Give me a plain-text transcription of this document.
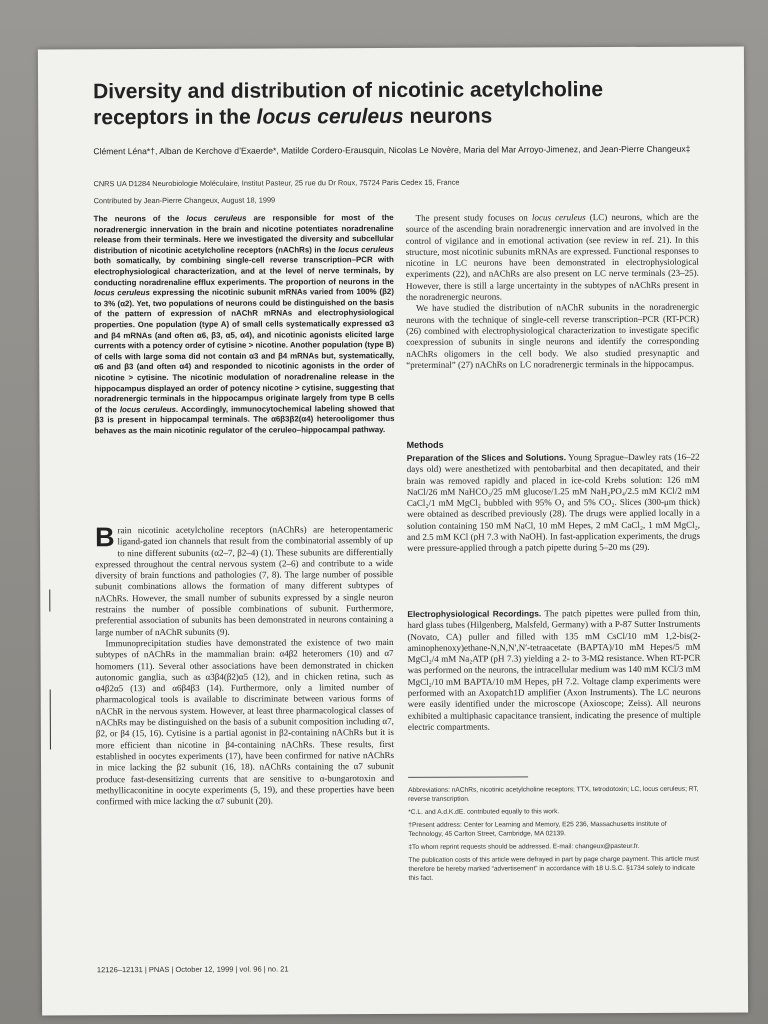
Diversity and distribution of nicotinic acetylcholine receptors in the locus ceruleus neurons
Clément Léna*†, Alban de Kerchove d’Exaerde*, Matilde Cordero-Erausquin, Nicolas Le Novère, Maria del Mar Arroyo-Jimenez, and Jean-Pierre Changeux‡
CNRS UA D1284 Neurobiologie Moléculaire, Institut Pasteur, 25 rue du Dr Roux, 75724 Paris Cedex 15, France
Contributed by Jean-Pierre Changeux, August 18, 1999
The neurons of the locus ceruleus are responsible for most of the noradrenergic innervation in the brain and nicotine potentiates noradrenaline release from their terminals. Here we investigated the diversity and subcellular distribution of nicotinic acetylcholine receptors (nAChRs) in the locus ceruleus both somatically, by combining single-cell reverse transcription–PCR with electrophysiological characterization, and at the level of nerve terminals, by conducting noradrenaline efflux experiments. The proportion of neurons in the locus ceruleus expressing the nicotinic subunit mRNAs varied from 100% (β2) to 3% (α2). Yet, two populations of neurons could be distinguished on the basis of the pattern of expression of nAChR mRNAs and electrophysiological properties. One population (type A) of small cells systematically expressed α3 and β4 mRNAs (and often α6, β3, α5, α4), and nicotinic agonists elicited large currents with a potency order of cytisine > nicotine. Another population (type B) of cells with large soma did not contain α3 and β4 mRNAs but, systematically, α6 and β3 (and often α4) and responded to nicotinic agonists in the order of nicotine > cytisine. The nicotinic modulation of noradrenaline release in the hippocampus displayed an order of potency nicotine > cytisine, suggesting that noradrenergic terminals in the hippocampus originate largely from type B cells of the locus ceruleus. Accordingly, immunocytochemical labeling showed that β3 is present in hippocampal terminals. The α6β3β2(α4) heterooligomer thus behaves as the main nicotinic regulator of the ceruleo–hippocampal pathway.

Brain nicotinic acetylcholine receptors (nAChRs) are heteropentameric ligand-gated ion channels that result from the combinatorial assembly of up to nine different subunits (α2–7, β2–4) (1). These subunits are differentially expressed throughout the central nervous system (2–6) and contribute to a wide diversity of brain functions and pathologies (7, 8). The large number of possible subunit combinations allows the formation of many different subtypes of nAChRs. However, the small number of subunits expressed by a single neuron restrains the number of possible combinations of subunit. Furthermore, preferential association of subunits has been demonstrated in neurons containing a large number of nAChR subunits (9).

Immunoprecipitation studies have demonstrated the existence of two main subtypes of nAChRs in the mammalian brain: α4β2 heteromers (10) and α7 homomers (11). Several other associations have been demonstrated in chicken autonomic ganglia, such as α3β4(β2)α5 (12), and in chicken retina, such as α4β2α5 (13) and α6β4β3 (14). Furthermore, only a limited number of pharmacological tools is available to discriminate between various forms of nAChR in the nervous system. However, at least three pharmacological classes of nAChRs may be distinguished on the basis of a subunit composition including α7, β2, or β4 (15, 16). Cytisine is a partial agonist in β2-containing nAChRs but it is more efficient than nicotine in β4-containing nAChRs. These results, first established in oocytes experiments (17), have been confirmed for native nAChRs in mice lacking the β2 subunit (16, 18). nAChRs containing the α7 subunit produce fast-desensitizing currents that are sensitive to α-bungarotoxin and methyllicaconitine in oocyte experiments (5, 19), and these properties have been confirmed with mice lacking the α7 subunit (20).

The present study focuses on locus ceruleus (LC) neurons, which are the source of the ascending brain noradrenergic innervation and are involved in the control of vigilance and in emotional activation (see review in ref. 21). In this structure, most nicotinic subunits mRNAs are expressed. Functional responses to nicotine in LC neurons have been demonstrated in electrophysiological experiments (22), and nAChRs are also present on LC nerve terminals (23–25). However, there is still a large uncertainty in the subtypes of nAChRs present in the noradrenergic neurons.

We have studied the distribution of nAChR subunits in the noradrenergic neurons with the technique of single-cell reverse transcription–PCR (RT-PCR) (26) combined with electrophysiological characterization to investigate specific coexpression of subunits in single neurons and identify the corresponding nAChRs oligomers in the cell body. We also studied presynaptic and “preterminal” (27) nAChRs on LC noradrenergic terminals in the hippocampus.

Methods

Preparation of the Slices and Solutions. Young Sprague–Dawley rats (16–22 days old) were anesthetized with pentobarbital and then decapitated, and their brain was removed rapidly and placed in ice-cold Krebs solution: 126 mM NaCl/26 mM NaHCO₃/25 mM glucose/1.25 mM NaH₂PO₄/2.5 mM KCl/2 mM CaCl₂/1 mM MgCl₂ bubbled with 95% O₂ and 5% CO₂. Slices (300-μm thick) were obtained as described previously (28). The drugs were applied locally in a solution containing 150 mM NaCl, 10 mM Hepes, 2 mM CaCl₂, 1 mM MgCl₂, and 2.5 mM KCl (pH 7.3 with NaOH). In fast-application experiments, the drugs were pressure-applied through a patch pipette during 5–20 ms (29).

Electrophysiological Recordings. The patch pipettes were pulled from thin, hard glass tubes (Hilgenberg, Malsfeld, Germany) with a P-87 Sutter Instruments (Novato, CA) puller and filled with 135 mM CsCl/10 mM 1,2-bis(2-aminophenoxy)ethane-N,N,N′,N′-tetraacetate (BAPTA)/10 mM Hepes/5 mM MgCl₂/4 mM Na₂ATP (pH 7.3) yielding a 2- to 3-MΩ resistance. When RT-PCR was performed on the neurons, the intracellular medium was 140 mM KCl/3 mM MgCl₂/10 mM BAPTA/10 mM Hepes, pH 7.2. Voltage clamp experiments were performed with an Axopatch1D amplifier (Axon Instruments). The LC neurons were easily identified under the microscope (Axioscope; Zeiss). All neurons exhibited a multiphasic capacitance transient, indicating the presence of multiple electric compartments.

Abbreviations: nAChRs, nicotinic acetylcholine receptors; TTX, tetrodotoxin; LC, locus ceruleus; RT, reverse transcription.

*C.L. and A.d.K.dE. contributed equally to this work.

†Present address: Center for Learning and Memory, E25 236, Massachusetts Institute of Technology, 45 Carlton Street, Cambridge, MA 02139.

‡To whom reprint requests should be addressed. E-mail: changeux@pasteur.fr.

The publication costs of this article were defrayed in part by page charge payment. This article must therefore be hereby marked “advertisement” in accordance with 18 U.S.C. §1734 solely to indicate this fact.

12126–12131 | PNAS | October 12, 1999 | vol. 96 | no. 21
